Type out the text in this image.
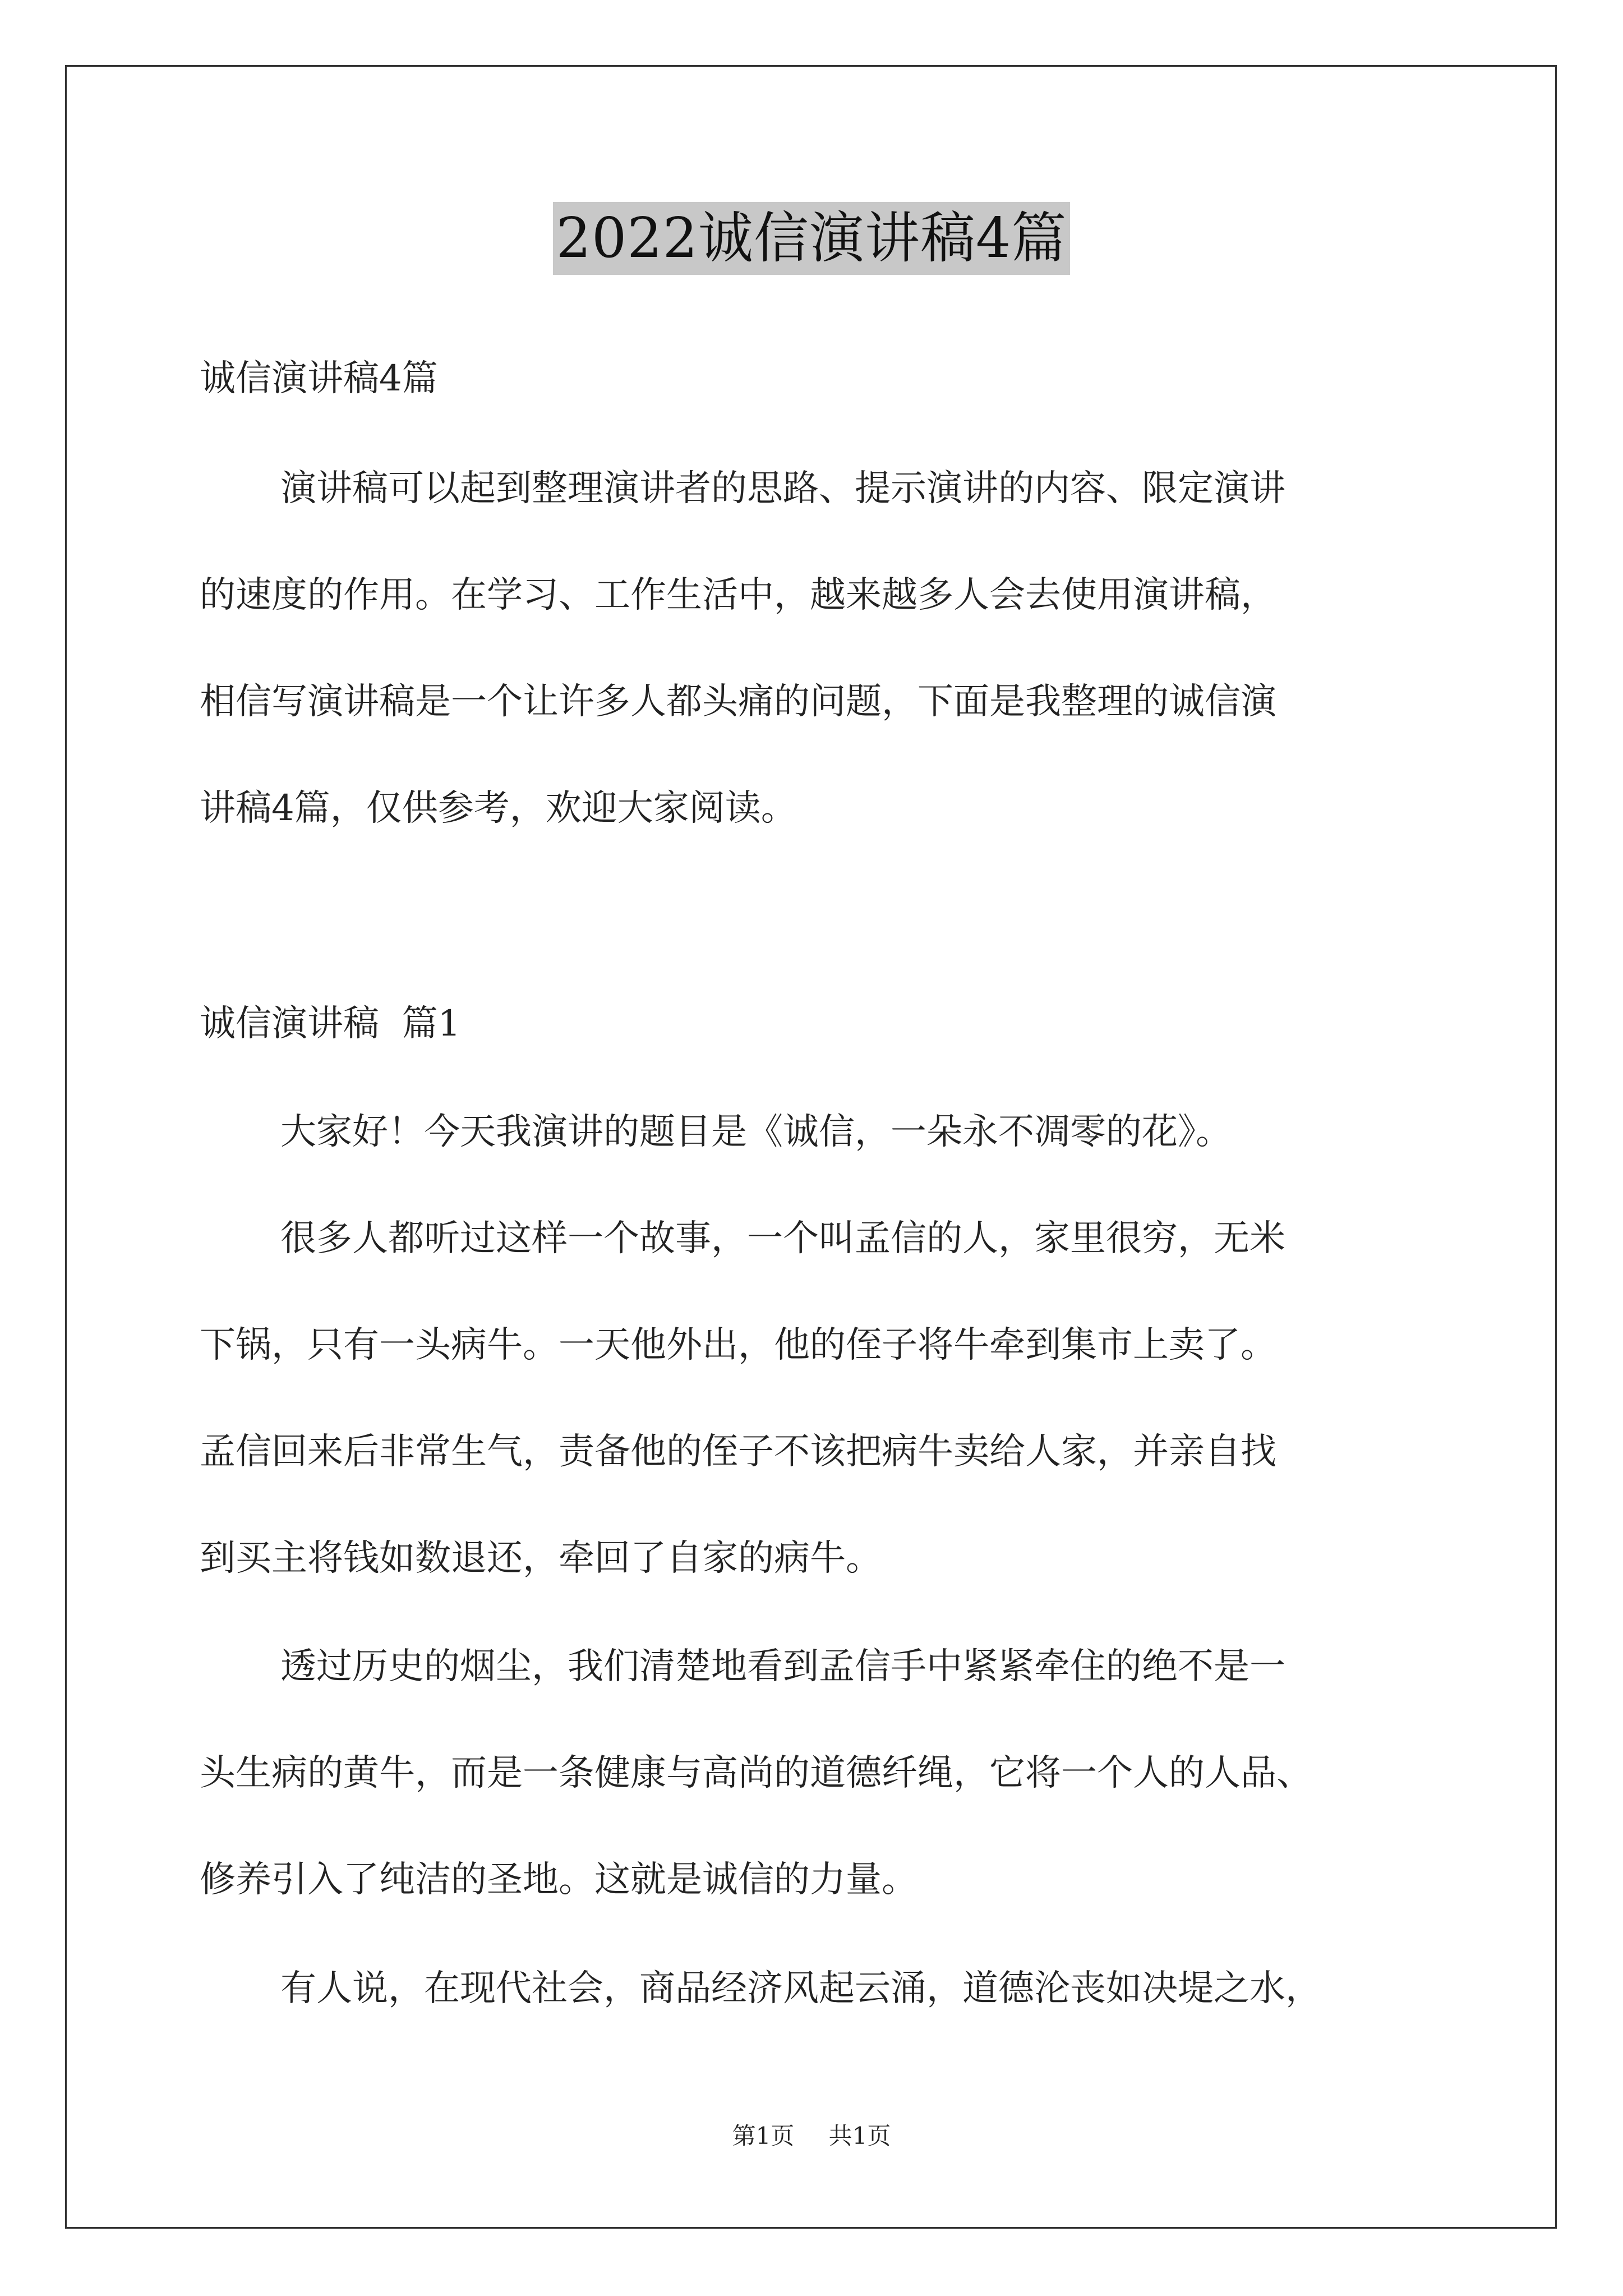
2022诚信演讲稿4篇
诚信演讲稿4篇
演讲稿可以起到整理演讲者的思路、提示演讲的内容、限定演讲
的速度的作用。在学习、工作生活中，越来越多人会去使用演讲稿，
相信写演讲稿是一个让许多人都头痛的问题，下面是我整理的诚信演
讲稿4篇，仅供参考，欢迎大家阅读。
诚信演讲稿  篇1
大家好！今天我演讲的题目是《诚信，一朵永不凋零的花》。
很多人都听过这样一个故事，一个叫孟信的人，家里很穷，无米
下锅，只有一头病牛。一天他外出，他的侄子将牛牵到集市上卖了。
孟信回来后非常生气，责备他的侄子不该把病牛卖给人家，并亲自找
到买主将钱如数退还，牵回了自家的病牛。
透过历史的烟尘，我们清楚地看到孟信手中紧紧牵住的绝不是一
头生病的黄牛，而是一条健康与高尚的道德纤绳，它将一个人的人品、
修养引入了纯洁的圣地。这就是诚信的力量。
有人说，在现代社会，商品经济风起云涌，道德沦丧如决堤之水，
第1页 共1页
